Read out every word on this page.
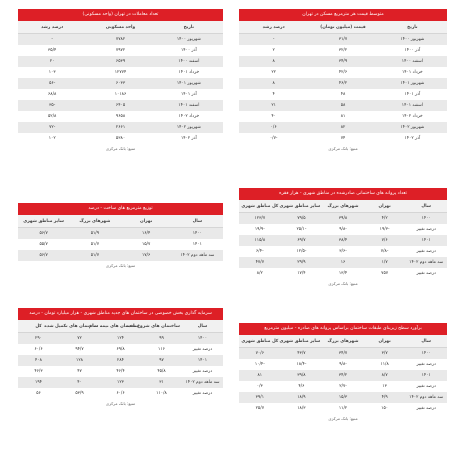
تعداد معاملات در تهران (واحد مسکونی)
تاریخ	واحد مسکونی	درصد رشد
شهریور ۱۴۰۰	۷۷۸۲	-
آذر ۱۴۰۰	۷۹۷۲	۳۵/۴
اسفند ۱۴۰۰	۶۵۳۹	۲۰
خرداد ۱۴۰۱	۱۲۷۷۴	۱۰۳
شهریور ۱۴۰۱	۶۰۳۳	-۵۶
آذر ۱۴۰۱	۱۰۱۸۶	۶۸/۸
اسفند ۱۴۰۱	۶۴۰۵	-۳۵
خرداد ۱۴۰۲	۹۶۵۸	۵۲/۸
شهریور ۱۴۰۲	۲۶۶۱	-۷۲
آذر ۱۴۰۲	۵۳۸۰	۱۰۲
منبع: بانک مرکزی
متوسط قیمت هر مترمربع مسکن در تهران
تاریخ	قیمت (میلیون تومان)	درصد رشد
شهریور ۱۴۰۰	۳۱/۷	-
آذر ۱۴۰۰	۳۲/۲	۲
اسفند ۱۴۰۰	۳۴/۹	۸
خرداد ۱۴۰۱	۴۲/۶	۲۲
شهریور ۱۴۰۱	۴۶/۲	۸
آذر ۱۴۰۱	۴۸	۴
اسفند ۱۴۰۱	۵۸	۲۱
خرداد ۱۴۰۲	۸۱	۴۰
شهریور ۱۴۰۲	۸۲	۰/۶
آذر ۱۴۰۲	۷۴	-۰/۷
منبع: بانک مرکزی
توزیع مترمربع های ساخت - درصد
سال	تهران	شهرهای بزرگ	سایر مناطق شهری
۱۴۰۰	۱۶/۴	۵۱/۹	۵۶/۷
۱۴۰۱	۱۵/۷	۵۱/۷	۵۵/۷
سه ماهه دوم ۱۴۰۲	۱۷/۶	۵۱/۷	۵۶/۷
منبع: بانک مرکزی
تعداد پروانه های ساختمانی صادرشده در مناطق شهری - هزار فقره
سال	تهران	شهرهای بزرگ	سایر مناطق شهری	کل مناطق شهری
۱۴۰۰	۴/۲	۳۹/۸	۷۹/۵	۱۲۳/۷
درصد تغییر	-۱۹/۳	-۹/۸	-۲۵/۱	-۱۹/۹
۱۴۰۱	۷/۶	۳۸/۴	۶۹/۷	۱۱۵/۸
درصد تغییر	-۷/۸	-۳/۶	-۱۲/۵	-۶/۴
سه ماهه دوم ۱۴۰۲	۱/۷	۱۶	۲۹/۹	۴۷/۷
درصد تغییر	۷۵۷	۱۳/۴	۱۷/۴	۸/۲
منبع: بانک مرکزی
سرمایه گذاری بخش خصوصی در ساختمان های جدید مناطق شهری - هزار میلیارد تومان - درصد
سال	ساختمان های شروع شده	ساختمان های نیمه تمام	ساختمان های تکمیل شده	کل
۱۴۰۰	۹۹	۱۲۴	۷۲	۲۹۰
درصد تغییر	۱۱۶	۶۹/۸	۹۴/۷	۶۰/۶
۱۴۰۱	۹۷	۲۸۴	۱۲۸	۴۰۸
درصد تغییر	۴۵/۸	۴۶/۴	۴۷	۴۶/۳
سه ماهه دوم ۱۴۰۲	۳۱	۱۲۳	۴۰	۱۹۴
درصد تغییر	۱۱۰/۸	۶۰/۶	۵۳/۹	۵۶
منبع: بانک مرکزی
برآورد سطح زیربنای طبقات ساختمان براساس پروانه های صادره - میلیون مترمربع
سال	تهران	شهرهای بزرگ	سایر مناطق شهری	کل مناطق شهری
۱۴۰۰	۳/۷	۳۴/۷	۴۳/۷	۷۰/۶
درصد تغییر	۱۱/۸	-۹/۸	-۱۸/۴	-۱۰/۴
۱۴۰۱	۸/۷	۳۴/۲	۳۹/۸	۸۱
درصد تغییر	۱۳	-۲/۷	۴/۶	۰/۳
سه ماهه دوم ۱۴۰۲	۴/۹	۱۵/۳	۱۸/۹	۳۹/۱
درصد تغییر	۱۵۰	۱۱/۲	۱۸/۳	۲۵/۷
منبع: بانک مرکزی
